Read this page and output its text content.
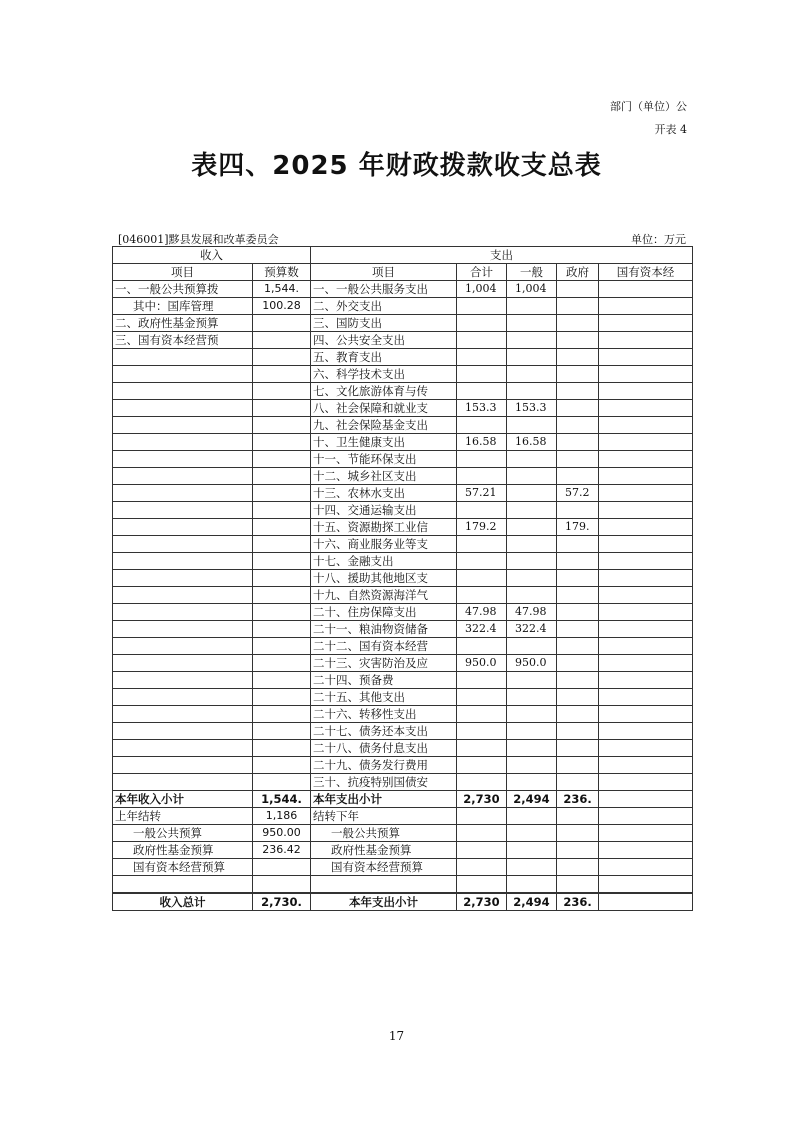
部门（单位）公
开表 4
表四、2025 年财政拨款收支总表
[046001]黟县发展和改革委员会	单位：万元
收入		支出				
项目	预算数	项目	合计	一般	政府	国有资本经
一、一般公共预算拨	1,544.	一、一般公共服务支出	1,004	1,004		
其中：国库管理	100.28	二、外交支出				
二、政府性基金预算		三、国防支出				
三、国有资本经营预		四、公共安全支出				
		五、教育支出				
		六、科学技术支出				
		七、文化旅游体育与传				
		八、社会保障和就业支	153.3	153.3		
		九、社会保险基金支出				
		十、卫生健康支出	16.58	16.58		
		十一、节能环保支出				
		十二、城乡社区支出				
		十三、农林水支出	57.21		57.2	
		十四、交通运输支出				
		十五、资源勘探工业信	179.2		179.	
		十六、商业服务业等支				
		十七、金融支出				
		十八、援助其他地区支				
		十九、自然资源海洋气				
		二十、住房保障支出	47.98	47.98		
		二十一、粮油物资储备	322.4	322.4		
		二十二、国有资本经营				
		二十三、灾害防治及应	950.0	950.0		
		二十四、预备费				
		二十五、其他支出				
		二十六、转移性支出				
		二十七、债务还本支出				
		二十八、债务付息支出				
		二十九、债务发行费用				
		三十、抗疫特别国债安				
本年收入小计	1,544.	本年支出小计	2,730	2,494	236.	
上年结转	1,186	结转下年				
一般公共预算	950.00	一般公共预算				
政府性基金预算	236.42	政府性基金预算				
国有资本经营预算		国有资本经营预算				

收入总计	2,730.	本年支出小计	2,730	2,494	236.	
17
